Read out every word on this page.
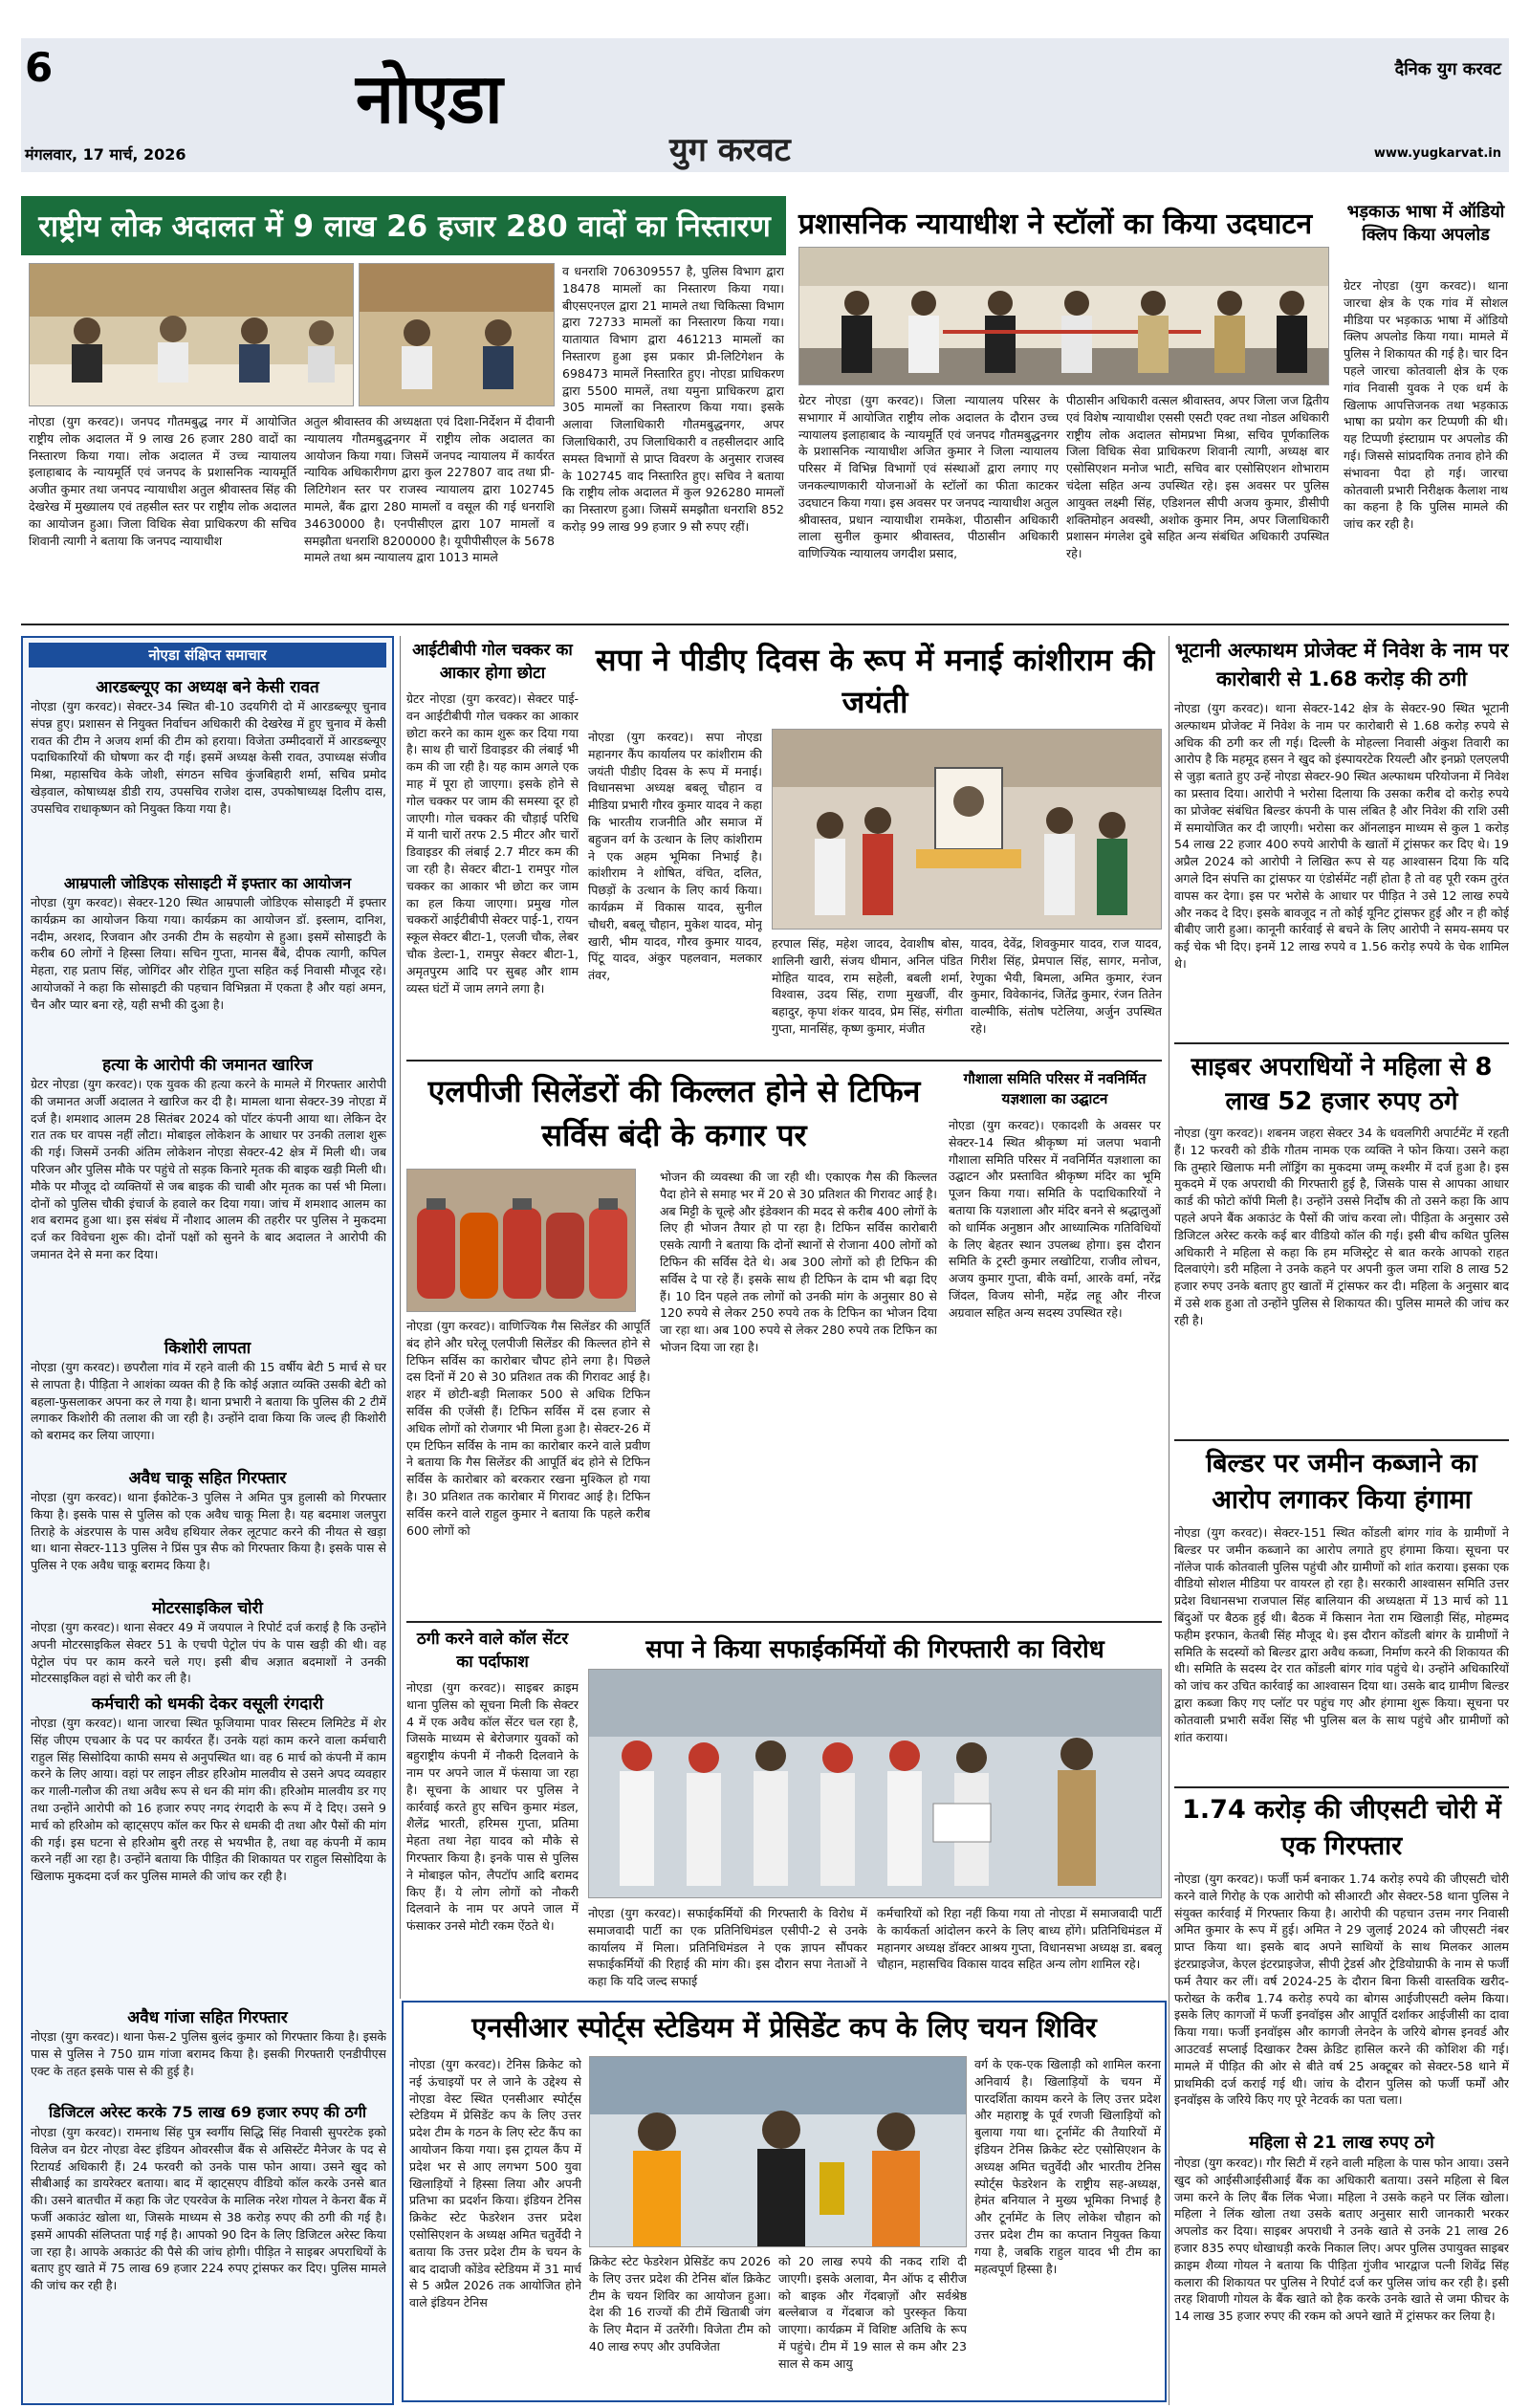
6	नोएडा
युग करवट
दैनिक युग करवट
मंगलवार, 17 मार्च, 2026	www.yugkarvat.in
राष्ट्रीय लोक अदालत में 9 लाख 26 हजार 280 वादों का निस्तारण
नोएडा (युग करवट)। जनपद गौतमबुद्ध नगर में आयोजित राष्ट्रीय लोक अदालत में 9 लाख 26 हजार 280 वादों का निस्तारण किया गया। लोक अदालत में उच्च न्यायालय इलाहाबाद के न्यायमूर्ति एवं जनपद के प्रशासनिक न्यायमूर्ति अजीत कुमार तथा जनपद न्यायाधीश अतुल श्रीवास्तव सिंह की देखरेख में मुख्यालय एवं तहसील स्तर पर राष्ट्रीय लोक अदालत का आयोजन हुआ। जिला विधिक सेवा प्राधिकरण की सचिव शिवानी त्यागी ने बताया कि जनपद न्यायाधीश
अतुल श्रीवास्तव की अध्यक्षता एवं दिशा-निर्देशन में दीवानी न्यायालय गौतमबुद्धनगर में राष्ट्रीय लोक अदालत का आयोजन किया गया। जिसमें जनपद न्यायालय में कार्यरत न्यायिक अधिकारीगण द्वारा कुल 227807 वाद तथा प्री-लिटिगेशन स्तर पर राजस्व न्यायालय द्वारा 102745 मामले, बैंक द्वारा 280 मामलों व वसूल की गई धनराशि 34630000 है। एनपीसीएल द्वारा 107 मामलों व समझौता धनराशि 8200000 है। यूपीपीसीएल के 5678 मामले तथा श्रम न्यायालय द्वारा 1013 मामले
व धनराशि 706309557 है, पुलिस विभाग द्वारा 18478 मामलों का निस्तारण किया गया। बीएसएनएल द्वारा 21 मामले तथा चिकित्सा विभाग द्वारा 72733 मामलों का निस्तारण किया गया। यातायात विभाग द्वारा 461213 मामलों का निस्तारण हुआ इस प्रकार प्री-लिटिगेशन के 698473 मामलें निस्तारित हुए। नोएडा प्राधिकरण द्वारा 5500 मामलें, तथा यमुना प्राधिकरण द्वारा 305 मामलों का निस्तारण किया गया। इसके अलावा जिलाधिकारी गौतमबुद्धनगर, अपर जिलाधिकारी, उप जिलाधिकारी व तहसीलदार आदि समस्त विभागों से प्राप्त विवरण के अनुसार राजस्व के 102745 वाद निस्तारित हुए। सचिव ने बताया कि राष्ट्रीय लोक अदालत में कुल 926280 मामलों का निस्तारण हुआ। जिसमें समझौता धनराशि 852 करोड़ 99 लाख 99 हजार 9 सौ रुपए रहीं।
प्रशासनिक न्यायाधीश ने स्टॉलों का किया उदघाटन
ग्रेटर नोएडा (युग करवट)। जिला न्यायालय परिसर के सभागार में आयोजित राष्ट्रीय लोक अदालत के दौरान उच्च न्यायालय इलाहाबाद के न्यायमूर्ति एवं जनपद गौतमबुद्धनगर के प्रशासनिक न्यायाधीश अजित कुमार ने जिला न्यायालय परिसर में विभिन्न विभागों एवं संस्थाओं द्वारा लगाए गए जनकल्याणकारी योजनाओं के स्टॉलों का फीता काटकर उदघाटन किया गया। इस अवसर पर जनपद न्यायाधीश अतुल श्रीवास्तव, प्रधान न्यायाधीश रामकेश, पीठासीन अधिकारी लाला सुनील कुमार श्रीवास्तव, पीठासीन अधिकारी वाणिज्यिक न्यायालय जगदीश प्रसाद,
पीठासीन अधिकारी वत्सल श्रीवास्तव, अपर जिला जज द्वितीय एवं विशेष न्यायाधीश एससी एसटी एक्ट तथा नोडल अधिकारी राष्ट्रीय लोक अदालत सोमप्रभा मिश्रा, सचिव पूर्णकालिक जिला विधिक सेवा प्राधिकरण शिवानी त्यागी, अध्यक्ष बार एसोसिएशन मनोज भाटी, सचिव बार एसोसिएशन शोभाराम चंदेला सहित अन्य उपस्थित रहे। इस अवसर पर पुलिस आयुक्त लक्ष्मी सिंह, एडिशनल सीपी अजय कुमार, डीसीपी शक्तिमोहन अवस्थी, अशोक कुमार निम, अपर जिलाधिकारी प्रशासन मंगलेश दुबे सहित अन्य संबंधित अधिकारी उपस्थित रहे।
भड़काऊ भाषा में ऑडियो क्लिप किया अपलोड
ग्रेटर नोएडा (युग करवट)। थाना जारचा क्षेत्र के एक गांव में सोशल मीडिया पर भड़काऊ भाषा में ऑडियो क्लिप अपलोड किया गया। मामले में पुलिस ने शिकायत की गई है। चार दिन पहले जारचा कोतवाली क्षेत्र के एक गांव निवासी युवक ने एक धर्म के खिलाफ आपत्तिजनक तथा भड़काऊ भाषा का प्रयोग कर टिप्पणी की थी। यह टिप्पणी इंस्टाग्राम पर अपलोड की गई। जिससे सांप्रदायिक तनाव होने की संभावना पैदा हो गई। जारचा कोतवाली प्रभारी निरीक्षक कैलाश नाथ का कहना है कि पुलिस मामले की जांच कर रही है।
नोएडा संक्षिप्त समाचार
आरडब्ल्यूए का अध्यक्ष बने केसी रावत
नोएडा (युग करवट)। सेक्टर-34 स्थित बी-10 उदयगिरी दो में आरडब्ल्यूए चुनाव संपन्न हुए। प्रशासन से नियुक्त निर्वाचन अधिकारी की देखरेख में हुए चुनाव में केसी रावत की टीम ने अजय शर्मा की टीम को हराया। विजेता उम्मीदवारों में आरडब्ल्यूए पदाधिकारियों की घोषणा कर दी गई। इसमें अध्यक्ष केसी रावत, उपाध्यक्ष संजीव मिश्रा, महासचिव केके जोशी, संगठन सचिव कुंजबिहारी शर्मा, सचिव प्रमोद खेड़वाल, कोषाध्यक्ष डीडी राय, उपसचिव राजेश दास, उपकोषाध्यक्ष दिलीप दास, उपसचिव राधाकृष्णन को नियुक्त किया गया है।
आम्रपाली जोडिएक सोसाइटी में इफ्तार का आयोजन
नोएडा (युग करवट)। सेक्टर-120 स्थित आम्रपाली जोडिएक सोसाइटी में इफ्तार कार्यक्रम का आयोजन किया गया। कार्यक्रम का आयोजन डॉ. इस्लाम, दानिश, नदीम, अरशद, रिजवान और उनकी टीम के सहयोग से हुआ। इसमें सोसाइटी के करीब 60 लोगों ने हिस्सा लिया। सचिन गुप्ता, मानस बैंबे, दीपक त्यागी, कपिल मेहता, राह प्रताप सिंह, जोगिंदर और रोहित गुप्ता सहित कई निवासी मौजूद रहे। आयोजकों ने कहा कि सोसाइटी की पहचान विभिन्नता में एकता है और यहां अमन, चैन और प्यार बना रहे, यही सभी की दुआ है।
हत्या के आरोपी की जमानत खारिज
ग्रेटर नोएडा (युग करवट)। एक युवक की हत्या करने के मामले में गिरफ्तार आरोपी की जमानत अर्जी अदालत ने खारिज कर दी है। मामला थाना सेक्टर-39 नोएडा में दर्ज है। शमशाद आलम 28 सितंबर 2024 को पॉटर कंपनी आया था। लेकिन देर रात तक घर वापस नहीं लौटा। मोबाइल लोकेशन के आधार पर उनकी तलाश शुरू की गई। जिसमें उनकी अंतिम लोकेशन नोएडा सेक्टर-42 क्षेत्र में मिली थी। जब परिजन और पुलिस मौके पर पहुंचे तो सड़क किनारे मृतक की बाइक खड़ी मिली थी। मौके पर मौजूद दो व्यक्तियों से जब बाइक की चाबी और मृतक का पर्स भी मिला। दोनों को पुलिस चौकी इंचार्ज के हवाले कर दिया गया। जांच में शमशाद आलम का शव बरामद हुआ था। इस संबंध में नौशाद आलम की तहरीर पर पुलिस ने मुकदमा दर्ज कर विवेचना शुरू की। दोनों पक्षों को सुनने के बाद अदालत ने आरोपी की जमानत देने से मना कर दिया।
किशोरी लापता
नोएडा (युग करवट)। छपरौला गांव में रहने वाली की 15 वर्षीय बेटी 5 मार्च से घर से लापता है। पीड़िता ने आशंका व्यक्त की है कि कोई अज्ञात व्यक्ति उसकी बेटी को बहला-फुसलाकर अपना कर ले गया है। थाना प्रभारी ने बताया कि पुलिस की 2 टीमें लगाकर किशोरी की तलाश की जा रही है। उन्होंने दावा किया कि जल्द ही किशोरी को बरामद कर लिया जाएगा।
अवैध चाकू सहित गिरफ्तार
नोएडा (युग करवट)। थाना ईकोटेक-3 पुलिस ने अमित पुत्र हुलासी को गिरफ्तार किया है। इसके पास से पुलिस को एक अवैध चाकू मिला है। यह बदमाश जलपुरा तिराहे के अंडरपास के पास अवैध हथियार लेकर लूटपाट करने की नीयत से खड़ा था। थाना सेक्टर-113 पुलिस ने प्रिंस पुत्र सैफ को गिरफ्तार किया है। इसके पास से पुलिस ने एक अवैध चाकू बरामद किया है।
मोटरसाइकिल चोरी
नोएडा (युग करवट)। थाना सेक्टर 49 में जयपाल ने रिपोर्ट दर्ज कराई है कि उन्होंने अपनी मोटरसाइकिल सेक्टर 51 के एचपी पेट्रोल पंप के पास खड़ी की थी। वह पेट्रोल पंप पर काम करने चले गए। इसी बीच अज्ञात बदमाशों ने उनकी मोटरसाइकिल वहां से चोरी कर ली है।
कर्मचारी को धमकी देकर वसूली रंगदारी
नोएडा (युग करवट)। थाना जारचा स्थित फूजियामा पावर सिस्टम लिमिटेड में शेर सिंह जीएम एचआर के पद पर कार्यरत हैं। उनके यहां काम करने वाला कर्मचारी राहुल सिंह सिसोदिया काफी समय से अनुपस्थित था। वह 6 मार्च को कंपनी में काम करने के लिए आया। वहां पर लाइन लीडर हरिओम मालवीय से उसने अपद व्यवहार कर गाली-गलौज की तथा अवैध रूप से धन की मांग की। हरिओम मालवीय डर गए तथा उन्होंने आरोपी को 16 हजार रुपए नगद रंगदारी के रूप में दे दिए। उसने 9 मार्च को हरिओम को व्हाट्सएप कॉल कर फिर से धमकी दी तथा और पैसों की मांग की गई। इस घटना से हरिओम बुरी तरह से भयभीत है, तथा वह कंपनी में काम करने नहीं आ रहा है। उन्होंने बताया कि पीड़ित की शिकायत पर राहुल सिसोदिया के खिलाफ मुकदमा दर्ज कर पुलिस मामले की जांच कर रही है।
अवैध गांजा सहित गिरफ्तार
नोएडा (युग करवट)। थाना फेस-2 पुलिस बुलंद कुमार को गिरफ्तार किया है। इसके पास से पुलिस ने 750 ग्राम गांजा बरामद किया है। इसकी गिरफ्तारी एनडीपीएस एक्ट के तहत इसके पास से की हुई है।
डिजिटल अरेस्ट करके 75 लाख 69 हजार रुपए की ठगी
नोएडा (युग करवट)। रामनाथ सिंह पुत्र स्वर्गीय सिद्धि सिंह निवासी सुपरटेक इको विलेज वन ग्रेटर नोएडा वेस्ट इंडियन ओवरसीज बैंक से असिस्टेंट मैनेजर के पद से रिटायर्ड अधिकारी हैं। 24 फरवरी को उनके पास फोन आया। उसने खुद को सीबीआई का डायरेक्टर बताया। बाद में व्हाट्सएप वीडियो कॉल करके उनसे बात की। उसने बातचीत में कहा कि जेट एयरवेज के मालिक नरेश गोयल ने केनरा बैंक में फर्जी अकाउंट खोला था, जिसके माध्यम से 38 करोड़ रुपए की ठगी की गई है। इसमें आपकी संलिप्तता पाई गई है। आपको 90 दिन के लिए डिजिटल अरेस्ट किया जा रहा है। आपके अकाउंट की पैसे की जांच होगी। पीड़ित ने साइबर अपराधियों के बताए हुए खाते में 75 लाख 69 हजार 224 रुपए ट्रांसफर कर दिए। पुलिस मामले की जांच कर रही है।
आईटीबीपी गोल चक्कर का आकार होगा छोटा
ग्रेटर नोएडा (युग करवट)। सेक्टर पाई-वन आईटीबीपी गोल चक्कर का आकार छोटा करने का काम शुरू कर दिया गया है। साथ ही चारों डिवाइडर की लंबाई भी कम की जा रही है। यह काम अगले एक माह में पूरा हो जाएगा। इसके होने से गोल चक्कर पर जाम की समस्या दूर हो जाएगी। गोल चक्कर की चौड़ाई परिधि में यानी चारों तरफ 2.5 मीटर और चारों डिवाइडर की लंबाई 2.7 मीटर कम की जा रही है। सेक्टर बीटा-1 रामपुर गोल चक्कर का आकार भी छोटा कर जाम का हल किया जाएगा। प्रमुख गोल चक्करों आईटीबीपी सेक्टर पाई-1, रायन स्कूल सेक्टर बीटा-1, एलजी चौक, लेबर चौक डेल्टा-1, रामपुर सेक्टर बीटा-1, अमृतपुरम आदि पर सुबह और शाम व्यस्त घंटों में जाम लगने लगा है।
सपा ने पीडीए दिवस के रूप में मनाई कांशीराम की जयंती
नोएडा (युग करवट)। सपा नोएडा महानगर कैंप कार्यालय पर कांशीराम की जयंती पीडीए दिवस के रूप में मनाई। विधानसभा अध्यक्ष बबलू चौहान व मीडिया प्रभारी गौरव कुमार यादव ने कहा कि भारतीय राजनीति और समाज में बहुजन वर्ग के उत्थान के लिए कांशीराम ने एक अहम भूमिका निभाई है। कांशीराम ने शोषित, वंचित, दलित, पिछड़ों के उत्थान के लिए कार्य किया। कार्यक्रम में विकास यादव, सुनील चौधरी, बबलू चौहान, मुकेश यादव, मोनू खारी, भीम यादव, गौरव कुमार यादव, पिंटू यादव, अंकुर पहलवान, मलकार तंवर,
हरपाल सिंह, महेश जादव, देवाशीष बोस, शालिनी खारी, संजय धीमान, अनिल पंडित मोहित यादव, राम सहेली, बबली शर्मा, विश्वास, उदय सिंह, राणा मुखर्जी, वीर बहादुर, कृपा शंकर यादव, प्रेम सिंह, संगीता गुप्ता, मानसिंह, कृष्ण कुमार, मंजीत
यादव, देवेंद्र, शिवकुमार यादव, राज यादव, गिरीश सिंह, प्रेमपाल सिंह, सागर, मनोज, रेणुका भैयी, बिमला, अमित कुमार, रंजन कुमार, विवेकानंद, जितेंद्र कुमार, रंजन तितेन वाल्मीकि, संतोष पटेलिया, अर्जुन उपस्थित रहे।
एलपीजी सिलेंडरों की किल्लत होने से टिफिन सर्विस बंदी के कगार पर
नोएडा (युग करवट)। वाणिज्यिक गैस सिलेंडर की आपूर्ति बंद होने और घरेलू एलपीजी सिलेंडर की किल्लत होने से टिफिन सर्विस का कारोबार चौपट होने लगा है। पिछले दस दिनों में 20 से 30 प्रतिशत तक की गिरावट आई है। शहर में छोटी-बड़ी मिलाकर 500 से अधिक टिफिन सर्विस की एजेंसी हैं। टिफिन सर्विस में दस हजार से अधिक लोगों को रोजगार भी मिला हुआ है। सेक्टर-26 में एम टिफिन सर्विस के नाम का कारोबार करने वाले प्रवीण ने बताया कि गैस सिलेंडर की आपूर्ति बंद होने से टिफिन सर्विस के कारोबार को बरकरार रखना मुश्किल हो गया है। 30 प्रतिशत तक कारोबार में गिरावट आई है। टिफिन सर्विस करने वाले राहुल कुमार ने बताया कि पहले करीब 600 लोगों को
भोजन की व्यवस्था की जा रही थी। एकाएक गैस की किल्लत पैदा होने से समाह भर में 20 से 30 प्रतिशत की गिरावट आई है। अब मिट्टी के चूल्हे और इंडेक्शन की मदद से करीब 400 लोगों के लिए ही भोजन तैयार हो पा रहा है। टिफिन सर्विस कारोबारी एसके त्यागी ने बताया कि दोनों स्थानों से रोजाना 400 लोगों को टिफिन की सर्विस देते थे। अब 300 लोगों को ही टिफिन की सर्विस दे पा रहे हैं। इसके साथ ही टिफिन के दाम भी बढ़ा दिए हैं। 10 दिन पहले तक लोगों को उनकी मांग के अनुसार 80 से 120 रुपये से लेकर 250 रुपये तक के टिफिन का भोजन दिया जा रहा था। अब 100 रुपये से लेकर 280 रुपये तक टिफिन का भोजन दिया जा रहा है।
गौशाला समिति परिसर में नवनिर्मित यज्ञशाला का उद्घाटन
नोएडा (युग करवट)। एकादशी के अवसर पर सेक्टर-14 स्थित श्रीकृष्ण मां जलपा भवानी गौशाला समिति परिसर में नवनिर्मित यज्ञशाला का उद्घाटन और प्रस्तावित श्रीकृष्ण मंदिर का भूमि पूजन किया गया। समिति के पदाधिकारियों ने बताया कि यज्ञशाला और मंदिर बनने से श्रद्धालुओं को धार्मिक अनुष्ठान और आध्यात्मिक गतिविधियों के लिए बेहतर स्थान उपलब्ध होगा। इस दौरान समिति के ट्रस्टी कुमार लखोटिया, राजीव लोचन, अजय कुमार गुप्ता, बीके वर्मा, आरके वर्मा, नरेंद्र जिंदल, विजय सोनी, महेंद्र लहू और नीरज अग्रवाल सहित अन्य सदस्य उपस्थित रहे।
ठगी करने वाले कॉल सेंटर का पर्दाफाश
नोएडा (युग करवट)। साइबर क्राइम थाना पुलिस को सूचना मिली कि सेक्टर 4 में एक अवैध कॉल सेंटर चल रहा है, जिसके माध्यम से बेरोजगार युवकों को बहुराष्ट्रीय कंपनी में नौकरी दिलवाने के नाम पर अपने जाल में फंसाया जा रहा है। सूचना के आधार पर पुलिस ने कार्रवाई करते हुए सचिन कुमार मंडल, शैलेंद्र भारती, हरिमस गुप्ता, प्रतिमा मेहता तथा नेहा यादव को मौके से गिरफ्तार किया है। इनके पास से पुलिस ने मोबाइल फोन, लैपटॉप आदि बरामद किए हैं। ये लोग लोगों को नौकरी दिलवाने के नाम पर अपने जाल में फंसाकर उनसे मोटी रकम ऐंठते थे।
सपा ने किया सफाईकर्मियों की गिरफ्तारी का विरोध
नोएडा (युग करवट)। सफाईकर्मियों की गिरफ्तारी के विरोध में समाजवादी पार्टी का एक प्रतिनिधिमंडल एसीपी-2 से उनके कार्यालय में मिला। प्रतिनिधिमंडल ने एक ज्ञापन सौंपकर सफाईकर्मियों की रिहाई की मांग की। इस दौरान सपा नेताओं ने कहा कि यदि जल्द सफाई
कर्मचारियों को रिहा नहीं किया गया तो नोएडा में समाजवादी पार्टी के कार्यकर्ता आंदोलन करने के लिए बाध्य होंगे। प्रतिनिधिमंडल में महानगर अध्यक्ष डॉक्टर आश्रय गुप्ता, विधानसभा अध्यक्ष डा. बबलू चौहान, महासचिव विकास यादव सहित अन्य लोग शामिल रहे।
एनसीआर स्पोर्ट्स स्टेडियम में प्रेसिडेंट कप के लिए चयन शिविर
नोएडा (युग करवट)। टेनिस क्रिकेट को नई ऊंचाइयों पर ले जाने के उद्देश्य से नोएडा वेस्ट स्थित एनसीआर स्पोर्ट्स स्टेडियम में प्रेसिडेंट कप के लिए उत्तर प्रदेश टीम के गठन के लिए स्टेट कैंप का आयोजन किया गया। इस ट्रायल कैंप में प्रदेश भर से आए लगभग 500 युवा खिलाड़ियों ने हिस्सा लिया और अपनी प्रतिभा का प्रदर्शन किया। इंडियन टेनिस क्रिकेट स्टेट फेडरेशन उत्तर प्रदेश एसोसिएशन के अध्यक्ष अमित चतुर्वेदी ने बताया कि उत्तर प्रदेश टीम के चयन के बाद दादाजी कोंडेव स्टेडियम में 31 मार्च से 5 अप्रैल 2026 तक आयोजित होने वाले इंडियन टेनिस
क्रिकेट स्टेट फेडरेशन प्रेसिडेंट कप 2026 के लिए उत्तर प्रदेश की टेनिस बॉल क्रिकेट टीम के चयन शिविर का आयोजन हुआ। देश की 16 राज्यों की टीमें खिताबी जंग के लिए मैदान में उतरेंगी। विजेता टीम को 40 लाख रुपए और उपविजेता
को 20 लाख रुपये की नकद राशि दी जाएगी। इसके अलावा, मैन ऑफ द सीरीज को बाइक और गेंदबाज़ों और सर्वश्रेष्ठ बल्लेबाज व गेंदबाज को पुरस्कृत किया जाएगा। कार्यक्रम में विशिष्ट अतिथि के रूप में पहुंचे। टीम में 19 साल से कम और 23 साल से कम आयु
वर्ग के एक-एक खिलाड़ी को शामिल करना अनिवार्य है। खिलाड़ियों के चयन में पारदर्शिता कायम करने के लिए उत्तर प्रदेश और महाराष्ट्र के पूर्व रणजी खिलाड़ियों को बुलाया गया था। टूर्नामेंट की तैयारियों में इंडियन टेनिस क्रिकेट स्टेट एसोसिएशन के अध्यक्ष अमित चतुर्वेदी और भारतीय टेनिस स्पोर्ट्स फेडरेशन के राष्ट्रीय सह-अध्यक्ष, हेमंत बनियाल ने मुख्य भूमिका निभाई है और टूर्नामेंट के लिए लोकेश चौहान को उत्तर प्रदेश टीम का कप्तान नियुक्त किया गया है, जबकि राहुल यादव भी टीम का महत्वपूर्ण हिस्सा है।
भूटानी अल्फाथम प्रोजेक्ट में निवेश के नाम पर कारोबारी से 1.68 करोड़ की ठगी
नोएडा (युग करवट)। थाना सेक्टर-142 क्षेत्र के सेक्टर-90 स्थित भूटानी अल्फाथम प्रोजेक्ट में निवेश के नाम पर कारोबारी से 1.68 करोड़ रुपये से अधिक की ठगी कर ली गई। दिल्ली के मोहल्ला निवासी अंकुश तिवारी का आरोप है कि महमूद हसन ने खुद को इंस्पायरटेक रियल्टी और इनफ्रो एलएलपी से जुड़ा बताते हुए उन्हें नोएडा सेक्टर-90 स्थित अल्फाथम परियोजना में निवेश का प्रस्ताव दिया। आरोपी ने भरोसा दिलाया कि उसका करीब दो करोड़ रुपये का प्रोजेक्ट संबंधित बिल्डर कंपनी के पास लंबित है और निवेश की राशि उसी में समायोजित कर दी जाएगी। भरोसा कर ऑनलाइन माध्यम से कुल 1 करोड़ 54 लाख 22 हजार 400 रुपये आरोपी के खातों में ट्रांसफर कर दिए थे। 19 अप्रैल 2024 को आरोपी ने लिखित रूप से यह आश्वासन दिया कि यदि अगले दिन संपत्ति का ट्रांसफर या एंडोर्समेंट नहीं होता है तो वह पूरी रकम तुरंत वापस कर देगा। इस पर भरोसे के आधार पर पीड़ित ने उसे 12 लाख रुपये और नकद दे दिए। इसके बावजूद न तो कोई यूनिट ट्रांसफर हुई और न ही कोई बीबीए जारी हुआ। कानूनी कार्रवाई से बचने के लिए आरोपी ने समय-समय पर कई चेक भी दिए। इनमें 12 लाख रुपये व 1.56 करोड़ रुपये के चेक शामिल थे।
साइबर अपराधियों ने महिला से 8 लाख 52 हजार रुपए ठगे
नोएडा (युग करवट)। शबनम जहरा सेक्टर 34 के धवलगिरी अपार्टमेंट में रहती हैं। 12 फरवरी को डीके गौतम नामक एक व्यक्ति ने फोन किया। उसने कहा कि तुम्हारे खिलाफ मनी लॉड्रिंग का मुकदमा जम्मू कश्मीर में दर्ज हुआ है। इस मुकदमे में एक अपराधी की गिरफ्तारी हुई है, जिसके पास से आपका आधार कार्ड की फोटो कॉपी मिली है। उन्होंने उससे निर्दोष की तो उसने कहा कि आप पहले अपने बैंक अकाउंट के पैसों की जांच करवा लो। पीड़िता के अनुसार उसे डिजिटल अरेस्ट करके कई बार वीडियो कॉल की गई। इसी बीच कथित पुलिस अधिकारी ने महिला से कहा कि हम मजिस्ट्रेट से बात करके आपको राहत दिलवाएंगे। डरी महिला ने उनके कहने पर अपनी कुल जमा राशि 8 लाख 52 हजार रुपए उनके बताए हुए खातों में ट्रांसफर कर दी। महिला के अनुसार बाद में उसे शक हुआ तो उन्होंने पुलिस से शिकायत की। पुलिस मामले की जांच कर रही है।
बिल्डर पर जमीन कब्जाने का आरोप लगाकर किया हंगामा
नोएडा (युग करवट)। सेक्टर-151 स्थित कोंडली बांगर गांव के ग्रामीणों ने बिल्डर पर जमीन कब्जाने का आरोप लगाते हुए हंगामा किया। सूचना पर नॉलेज पार्क कोतवाली पुलिस पहुंची और ग्रामीणों को शांत कराया। इसका एक वीडियो सोशल मीडिया पर वायरल हो रहा है। सरकारी आश्वासन समिति उत्तर प्रदेश विधानसभा राजपाल सिंह बालियान की अध्यक्षता में 13 मार्च को 11 बिंदुओं पर बैठक हुई थी। बैठक में किसान नेता राम खिलाड़ी सिंह, मोहम्मद फहीम इरफान, केतबी सिंह मौजूद थे। इस दौरान कोंडली बांगर के ग्रामीणों ने समिति के सदस्यों को बिल्डर द्वारा अवैध कब्जा, निर्माण करने की शिकायत की थी। समिति के सदस्य देर रात कोंडली बांगर गांव पहुंचे थे। उन्होंने अधिकारियों को जांच कर उचित कार्रवाई का आश्वासन दिया था। उसके बाद ग्रामीण बिल्डर द्वारा कब्जा किए गए प्लॉट पर पहुंच गए और हंगामा शुरू किया। सूचना पर कोतवाली प्रभारी सर्वेश सिंह भी पुलिस बल के साथ पहुंचे और ग्रामीणों को शांत कराया।
1.74 करोड़ की जीएसटी चोरी में एक गिरफ्तार
नोएडा (युग करवट)। फर्जी फर्म बनाकर 1.74 करोड़ रुपये की जीएसटी चोरी करने वाले गिरोह के एक आरोपी को सीआरटी और सेक्टर-58 थाना पुलिस ने संयुक्त कार्रवाई में गिरफ्तार किया है। आरोपी की पहचान उत्तम नगर निवासी अमित कुमार के रूप में हुई। अमित ने 29 जुलाई 2024 को जीएसटी नंबर प्राप्त किया था। इसके बाद अपने साथियों के साथ मिलकर आलम इंटरप्राइजेज, केएल इंटरप्राइजेज, सीपी ट्रेडर्स और ट्रेडियोग्राफी के नाम से फर्जी फर्म तैयार कर लीं। वर्ष 2024-25 के दौरान बिना किसी वास्तविक खरीद-फरोख्त के करीब 1.74 करोड़ रुपये का बोगस आईजीएसटी क्लेम किया। इसके लिए कागजों में फर्जी इनवॉइस और आपूर्ति दर्शाकर आईजीसी का दावा किया गया। फर्जी इनवॉइस और कागजी लेनदेन के जरिये बोगस इनवर्ड और आउटवर्ड सप्लाई दिखाकर टैक्स क्रेडिट हासिल करने की कोशिश की गई। मामले में पीड़ित की ओर से बीते वर्ष 25 अक्टूबर को सेक्टर-58 थाने में प्राथमिकी दर्ज कराई गई थी। जांच के दौरान पुलिस को फर्जी फर्मों और इनवॉइस के जरिये किए गए पूरे नेटवर्क का पता चला।
महिला से 21 लाख रुपए ठगे
नोएडा (युग करवट)। गौर सिटी में रहने वाली महिला के पास फोन आया। उसने खुद को आईसीआईसीआई बैंक का अधिकारी बताया। उसने महिला से बिल जमा करने के लिए बैंक लिंक भेजा। महिला ने उसके कहने पर लिंक खोला। महिला ने लिंक खोला तथा उसके बताए अनुसार सारी जानकारी भरकर अपलोड कर दिया। साइबर अपराधी ने उनके खाते से उनके 21 लाख 26 हजार 835 रुपए धोखाधड़ी करके निकाल लिए। अपर पुलिस उपायुक्त साइबर क्राइम शैव्या गोयल ने बताया कि पीड़िता गुंजीव भारद्वाज पत्नी शिवेंद्र सिंह कलारा की शिकायत पर पुलिस ने रिपोर्ट दर्ज कर पुलिस जांच कर रही है। इसी तरह शिवाणी गोयल के बैंक खाते को हैक करके उनके खाते से जमा फीचर के 14 लाख 35 हजार रुपए की रकम को अपने खाते में ट्रांसफर कर लिया है।
